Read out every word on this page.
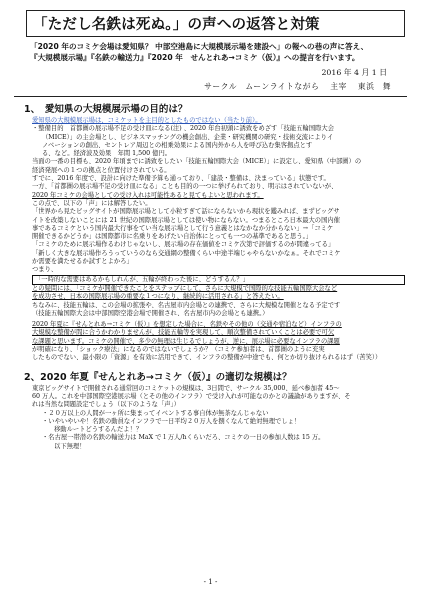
「ただし名鉄は死ぬ。」の声への返答と対策
「2020 年のコミケ会場は愛知県？ 中部空港島に大規模展示場を建設へ」の報への巷の声に答え、
『大規模展示場』『名鉄の輸送力』『2020 年　せんとれあ→コミケ（仮）』への提言を行います。
2016 年 4 月 1 日
サークル　ムーンライトながら 主宰 東浜　舞
1、　愛知県の大規模展示場の目的は？

愛知県の大規模展示場は、コミケットを主目的としたものではない（当たり前）。

・整備目的　首都圏の展示場不足の受け皿になる(注) 、2020 年台初頭に誘致をめざす「技能五輪国際大会

（MICE）」の主会場とし、ビジネスマッチングの機会創出、企業・研究機関の研究・技術交流によりイ

ノベーションの創出、セントレア周辺との相乗効果による国内外から人を呼び込む集客拠点とす

る、など。経済波及効果　年間 1,500 億円。

当面の一番の目標も、2020 年頃までに誘致をしたい「技能五輪国際大会（MICE）」に設定し、愛知県（中部圏）の

経済発展への１つの拠点と位置付けされている。

すでに、2016 年度で、設計に向けた準備予算も通っており、「建設・整備は、決まっている」状態です。

一方、「首都圏の展示場不足の受け皿になる」ことも目的の一つに挙げられており、明示はされていないが、

2020 年コミケの会場としての受け入れは可能性あると見てもよいと思われます。

この点で、以下の「声」には解答したい。

「世界から見たビッグサイトが国際展示場として小粒すぎて話にならないから現状を鑑みれば、まずビッグサ

イトを改築しないことには 21 世紀の国際展示場としては使い物にならない。つまるところ日本最大の国内催

事であるコミケという国内最大行事をてい当な展示場として行う意義とはなかなか分からない」→「コミケ

開催できるかどうか」は国際都市に名乗りをあげたい自治体にとっても一つの基準であると思う。」

「コミケのために展示場作るわけじゃないし、展示場の存在価値をコミケ次第で評価するのが間違ってる」

「新しく大きな展示場作ろうっていうのなら交通網の整備くらい中途半端じゃやらないかなぁ。それでコミケ

か需要を満たせるか試すとよかろ」

つまり、

「一時的な需要はあるかもしれんが、五輪が終わった後に、どうするん？」

との疑問には、「コミケが開催できたことをステップにして、さらに大規模で国際的な技能五輪国際大会など

を成功させ、日本の国際展示場の重要な１つになり、継続的に活用される」と答えたい。

ちなみに、技能五輪は、この会場の拡張や、名古屋市内会場との連携で、さらに大規模な開催となる予定です

（技能五輪国際大会は中部国際空港会場で開催され、名古屋市内の会場とも連携。）

2020 年夏に『せんとれあ→コミケ（仮）』を想定した場合に、名鉄やその他の（交通や宿泊など）インフラの

大規模な整備が間に合うかわかりませんが、技能五輪等を実現して、順次整備されていくことは必要で可欠

な課題と思います。コミケの開催で、多少の無理は生じるでしょうが、逆に、展示場に必要なインフラの課題

が明確になり、「ショック療法」になるのではないでしょうか？（コミケ参加者は、首都圏のように充実

したものでない、最小限の「資源」を有効に活用できて、インフラの整備が中途でも、何とか切り抜けられるはず（苦笑））

2、2020 年夏『せんとれあ→コミケ（仮）』の適切な規模は？

東京ビッグサイトで開催される通常回のコミケットの規模は、3日間で、サークル 35,000、延べ参加者 45～

60 万人。これを中部国際空港展示場（とその他のインフラ）で受け入れが可能なのかとの議論がありますが、そ

れは当然な問題設定でしょう（以下のような「声」）

・２０万以上の人間が一ヶ所に集まってイベントする事自体が無茶なんじゃない

・いやいやいや！名鉄の動員なインフラで一日平均２０万人を捌くなんて絶対無理でしょ！

移動ルートどうするんだよ！？

・名古屋一帯潜の名鉄の輸送力は MaX で１万人/hくらいだろ、コミケの一日の参加人数は 15 万。

以下無理！

- 1 -
